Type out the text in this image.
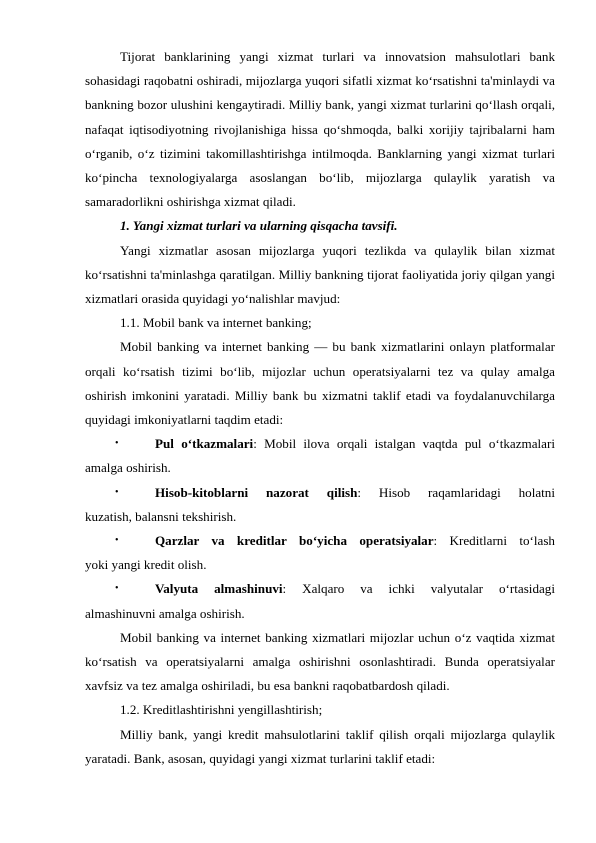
Tijorat banklarining yangi xizmat turlari va innovatsion mahsulotlari bank sohasidagi raqobatni oshiradi, mijozlarga yuqori sifatli xizmat ko‘rsatishni ta'minlaydi va bankning bozor ulushini kengaytiradi. Milliy bank, yangi xizmat turlarini qo‘llash orqali, nafaqat iqtisodiyotning rivojlanishiga hissa qo‘shmoqda, balki xorijiy tajribalarni ham o‘rganib, o‘z tizimini takomillashtirishga intilmoqda. Banklarning yangi xizmat turlari ko‘pincha texnologiyalarga asoslangan bo‘lib, mijozlarga qulaylik yaratish va samaradorlikni oshirishga xizmat qiladi.

1. Yangi xizmat turlari va ularning qisqacha tavsifi.

Yangi xizmatlar asosan mijozlarga yuqori tezlikda va qulaylik bilan xizmat ko‘rsatishni ta'minlashga qaratilgan. Milliy bankning tijorat faoliyatida joriy qilgan yangi xizmatlari orasida quyidagi yo‘nalishlar mavjud:

1.1. Mobil bank va internet banking;

Mobil banking va internet banking — bu bank xizmatlarini onlayn platformalar orqali ko‘rsatish tizimi bo‘lib, mijozlar uchun operatsiyalarni tez va qulay amalga oshirish imkonini yaratadi. Milliy bank bu xizmatni taklif etadi va foydalanuvchilarga quyidagi imkoniyatlarni taqdim etadi:

•	Pul o‘tkazmalari: Mobil ilova orqali istalgan vaqtda pul o‘tkazmalari

amalga oshirish.

•	Hisob-kitoblarni nazorat qilish: Hisob raqamlaridagi holatni

kuzatish, balansni tekshirish.

•	Qarzlar va kreditlar bo‘yicha operatsiyalar: Kreditlarni to‘lash

yoki yangi kredit olish.

•	Valyuta almashinuvi: Xalqaro va ichki valyutalar o‘rtasidagi

almashinuvni amalga oshirish.

Mobil banking va internet banking xizmatlari mijozlar uchun o‘z vaqtida xizmat ko‘rsatish va operatsiyalarni amalga oshirishni osonlashtiradi. Bunda operatsiyalar xavfsiz va tez amalga oshiriladi, bu esa bankni raqobatbardosh qiladi.

1.2. Kreditlashtirishni yengillashtirish;

Milliy bank, yangi kredit mahsulotlarini taklif qilish orqali mijozlarga qulaylik yaratadi. Bank, asosan, quyidagi yangi xizmat turlarini taklif etadi:
